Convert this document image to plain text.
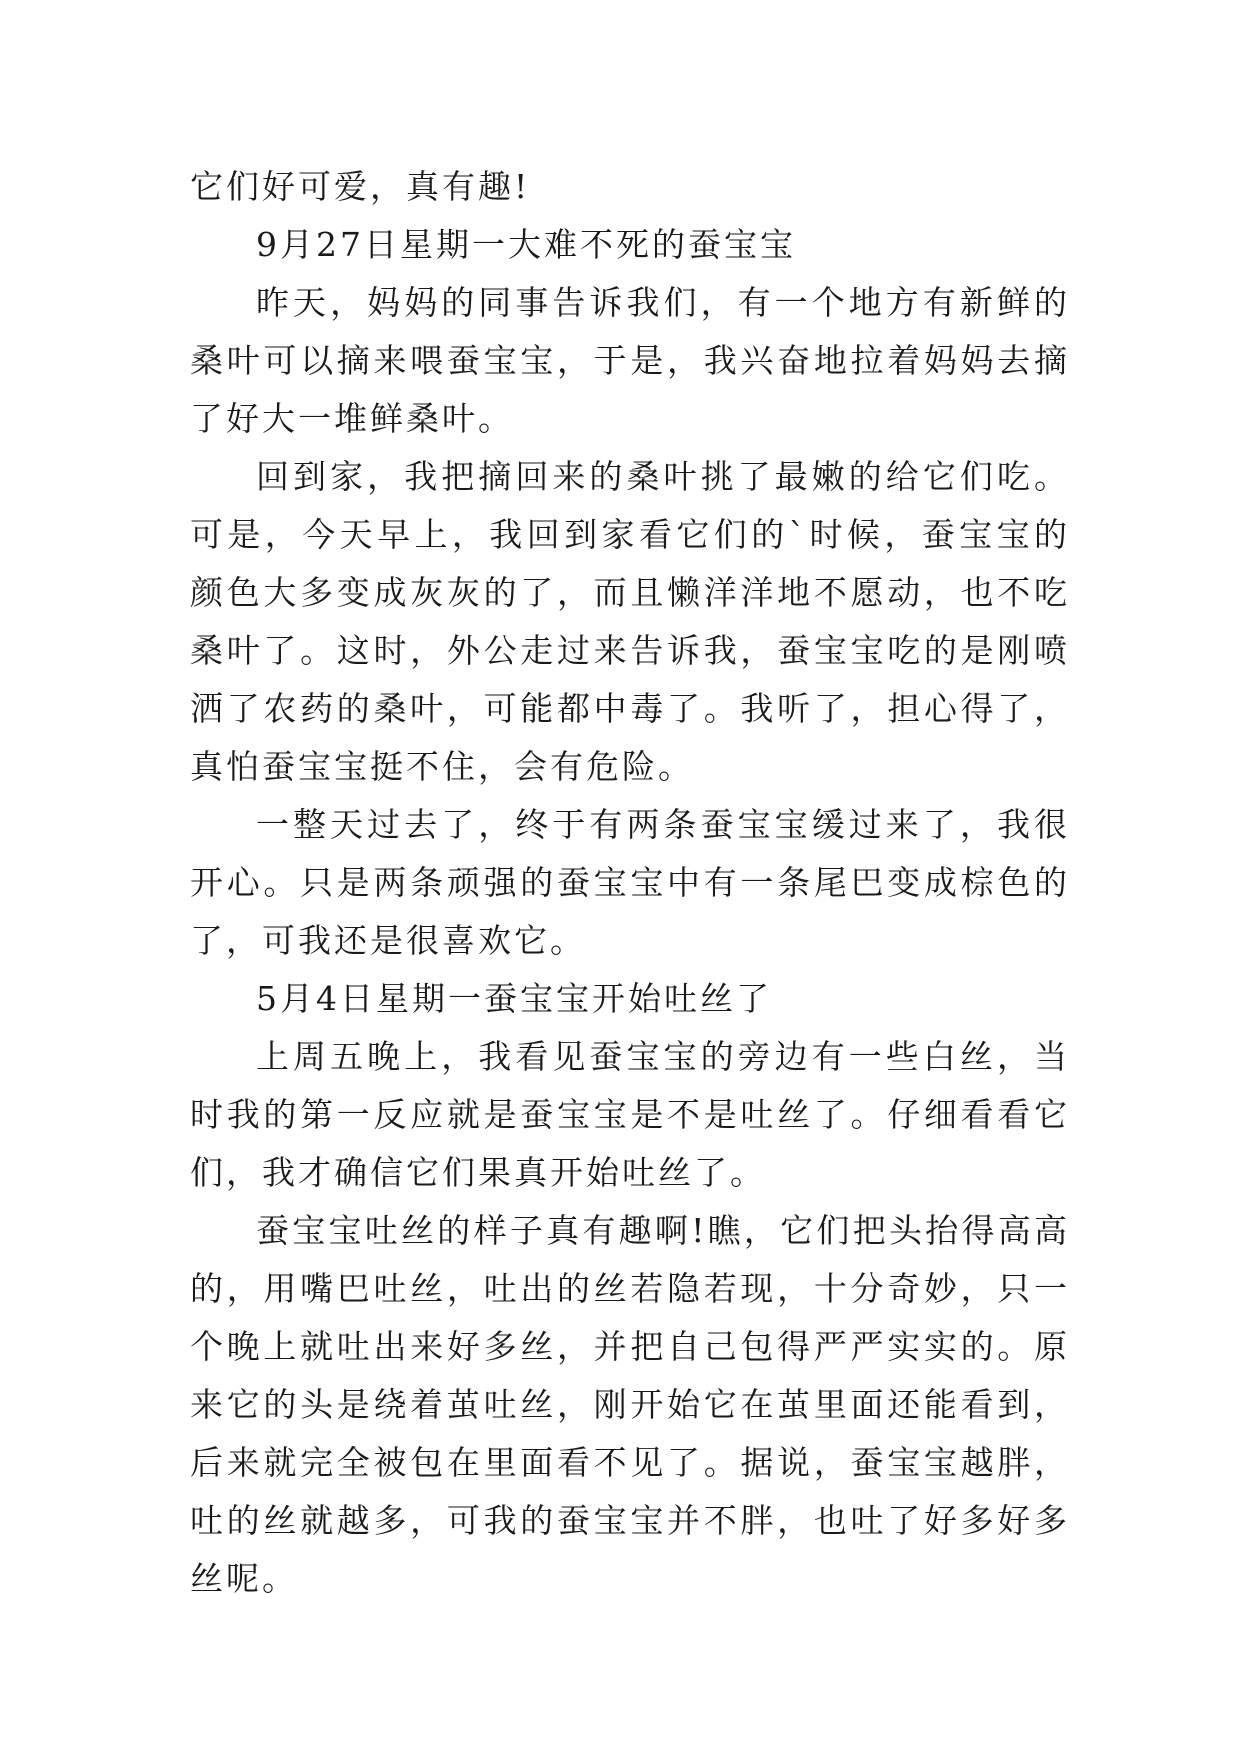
它们好可爱，真有趣!

9月27日星期一大难不死的蚕宝宝

昨天，妈妈的同事告诉我们，有一个地方有新鲜的桑叶可以摘来喂蚕宝宝，于是，我兴奋地拉着妈妈去摘了好大一堆鲜桑叶。

回到家，我把摘回来的桑叶挑了最嫩的给它们吃。可是，今天早上，我回到家看它们的`时候，蚕宝宝的颜色大多变成灰灰的了，而且懒洋洋地不愿动，也不吃桑叶了。这时，外公走过来告诉我，蚕宝宝吃的是刚喷洒了农药的桑叶，可能都中毒了。我听了，担心得了，真怕蚕宝宝挺不住，会有危险。

一整天过去了，终于有两条蚕宝宝缓过来了，我很开心。只是两条顽强的蚕宝宝中有一条尾巴变成棕色的了，可我还是很喜欢它。

5月4日星期一蚕宝宝开始吐丝了

上周五晚上，我看见蚕宝宝的旁边有一些白丝，当时我的第一反应就是蚕宝宝是不是吐丝了。仔细看看它们，我才确信它们果真开始吐丝了。

蚕宝宝吐丝的样子真有趣啊!瞧，它们把头抬得高高的，用嘴巴吐丝，吐出的丝若隐若现，十分奇妙，只一个晚上就吐出来好多丝，并把自己包得严严实实的。原来它的头是绕着茧吐丝，刚开始它在茧里面还能看到，后来就完全被包在里面看不见了。据说，蚕宝宝越胖，吐的丝就越多，可我的蚕宝宝并不胖，也吐了好多好多丝呢。
